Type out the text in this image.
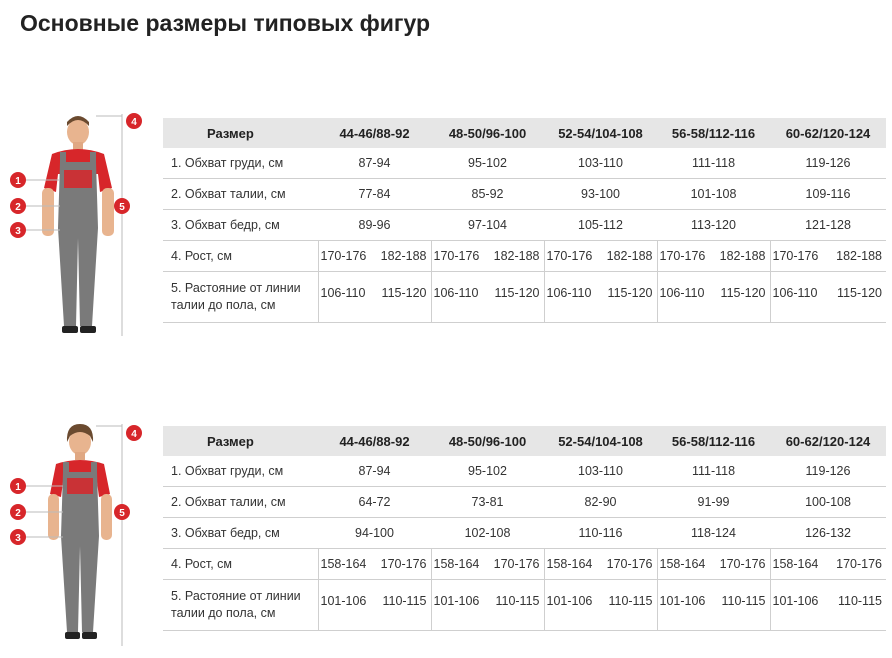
Основные размеры типовых фигур
1
2
3
4
5
1
2
3
4
5
Размер	44-46/88-92	48-50/96-100	52-54/104-108	56-58/112-116	60-62/120-124
1. Обхват груди, см	87-94	95-102	103-110	111-118	119-126
2. Обхват талии, см	77-84	85-92	93-100	101-108	109-116
3. Обхват бедр, см	89-96	97-104	105-112	113-120	121-128
4. Рост, см	170-176 182-188	170-176 182-188	170-176 182-188	170-176 182-188	170-176 182-188

5. Растояние от линии талии до пола, см	106-110 115-120	106-110 115-120	106-110 115-120	106-110 115-120	106-110 115-120
Размер	44-46/88-92	48-50/96-100	52-54/104-108	56-58/112-116	60-62/120-124
1. Обхват груди, см	87-94	95-102	103-110	111-118	119-126
2. Обхват талии, см	64-72	73-81	82-90	91-99	100-108
3. Обхват бедр, см	94-100	102-108	110-116	118-124	126-132
4. Рост, см	158-164 170-176	158-164 170-176	158-164 170-176	158-164 170-176	158-164 170-176

5. Растояние от линии талии до пола, см	101-106 110-115	101-106 110-115	101-106 110-115	101-106 110-115	101-106 110-115
